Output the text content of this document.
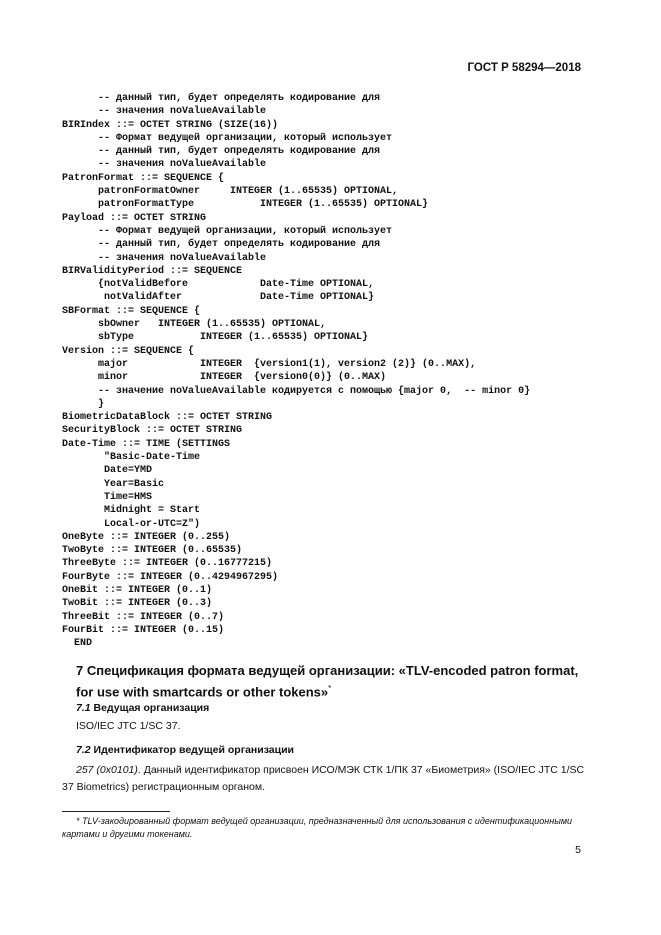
ГОСТ Р 58294—2018
-- данный тип, будет определять кодирование для
-- значения noValueAvailable
BIRIndex ::= OCTET STRING (SIZE(16))
-- Формат ведущей организации, который использует
-- данный тип, будет определять кодирование для
-- значения noValueAvailable
PatronFormat ::= SEQUENCE {
patronFormatOwner     INTEGER (1..65535) OPTIONAL,
patronFormatType           INTEGER (1..65535) OPTIONAL}
Payload ::= OCTET STRING
-- Формат ведущей организации, который использует
-- данный тип, будет определять кодирование для
-- значения noValueAvailable
BIRValidityPeriod ::= SEQUENCE
{notValidBefore            Date-Time OPTIONAL,
notValidAfter             Date-Time OPTIONAL}
SBFormat ::= SEQUENCE {
sbOwner   INTEGER (1..65535) OPTIONAL,
sbType           INTEGER (1..65535) OPTIONAL}
Version ::= SEQUENCE {
major            INTEGER  {version1(1), version2 (2)} (0..MAX),
minor            INTEGER  {version0(0)} (0..MAX)
-- значение noValueAvailable кодируется с помощью {major 0,  -- minor 0}
}
BiometricDataBlock ::= OCTET STRING
SecurityBlock ::= OCTET STRING
Date-Time ::= TIME (SETTINGS
"Basic-Date-Time
Date=YMD
Year=Basic
Time=HMS
Midnight = Start
Local-or-UTC=Z")
OneByte ::= INTEGER (0..255)
TwoByte ::= INTEGER (0..65535)
ThreeByte ::= INTEGER (0..16777215)
FourByte ::= INTEGER (0..4294967295)
OneBit ::= INTEGER (0..1)
TwoBit ::= INTEGER (0..3)
ThreeBit ::= INTEGER (0..7)
FourBit ::= INTEGER (0..15)
END
7 Спецификация формата ведущей организации: «TLV-encoded patron format, for use with smartcards or other tokens»*
7.1 Ведущая организация
ISO/IEC JTC 1/SC 37.
7.2 Идентификатор ведущей организации
257 (0x0101). Данный идентификатор присвоен ИСО/МЭК СТК 1/ПК 37 «Биометрия» (ISO/IEC JTC 1/SC 37 Biometrics) регистрационным органом.
* TLV-закодированный формат ведущей организации, предназначенный для использования с идентификационными картами и другими токенами.
5
